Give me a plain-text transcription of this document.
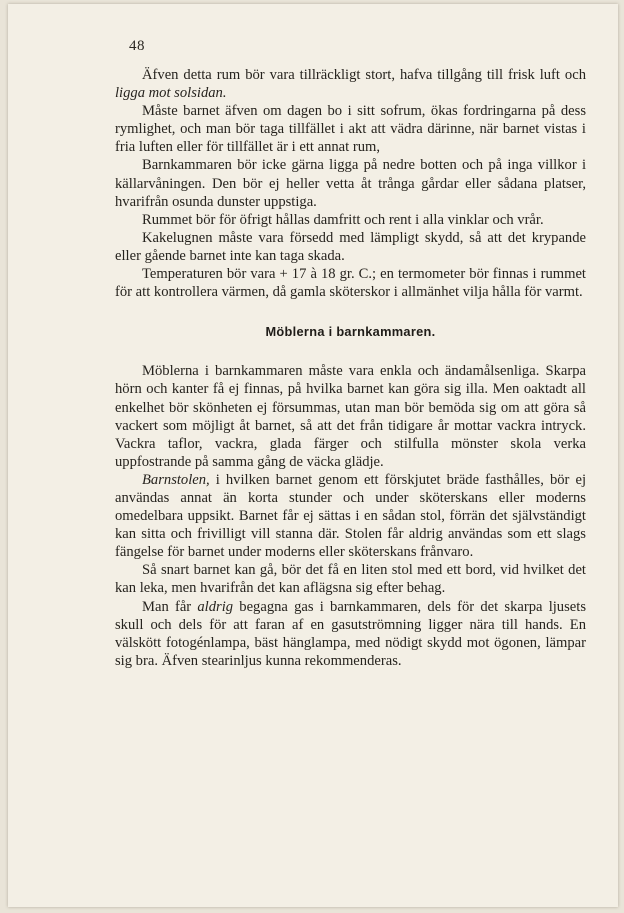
48

Äfven detta rum bör vara tillräckligt stort, hafva tillgång till frisk luft och ligga mot solsidan.

Måste barnet äfven om dagen bo i sitt sofrum, ökas fordringarna på dess rymlighet, och man bör taga tillfället i akt att vädra därinne, när barnet vistas i fria luften eller för tillfället är i ett annat rum,

Barnkammaren bör icke gärna ligga på nedre botten och på inga villkor i källarvåningen. Den bör ej heller vetta åt trånga gårdar eller sådana platser, hvarifrån osunda dunster uppstiga.

Rummet bör för öfrigt hållas damfritt och rent i alla vinklar och vrår.

Kakelugnen måste vara försedd med lämpligt skydd, så att det krypande eller gående barnet inte kan taga skada.

Temperaturen bör vara + 17 à 18 gr. C.; en termometer bör finnas i rummet för att kontrollera värmen, då gamla sköterskor i allmänhet vilja hålla för varmt.

Möblerna i barnkammaren.

Möblerna i barnkammaren måste vara enkla och ändamålsenliga. Skarpa hörn och kanter få ej finnas, på hvilka barnet kan göra sig illa. Men oaktadt all enkelhet bör skönheten ej försummas, utan man bör bemöda sig om att göra så vackert som möjligt åt barnet, så att det från tidigare år mottar vackra intryck. Vackra taflor, vackra, glada färger och stilfulla mönster skola verka uppfostrande på samma gång de väcka glädje.

Barnstolen, i hvilken barnet genom ett förskjutet bräde fasthålles, bör ej användas annat än korta stunder och under sköterskans eller moderns omedelbara uppsikt. Barnet får ej sättas i en sådan stol, förrän det självständigt kan sitta och frivilligt vill stanna där. Stolen får aldrig användas som ett slags fängelse för barnet under moderns eller sköterskans frånvaro.

Så snart barnet kan gå, bör det få en liten stol med ett bord, vid hvilket det kan leka, men hvarifrån det kan aflägsna sig efter behag.

Man får aldrig begagna gas i barnkammaren, dels för det skarpa ljusets skull och dels för att faran af en gasutströmning ligger nära till hands. En välskött fotogénlampa, bäst hänglampa, med nödigt skydd mot ögonen, lämpar sig bra. Äfven stearinljus kunna rekommenderas.
